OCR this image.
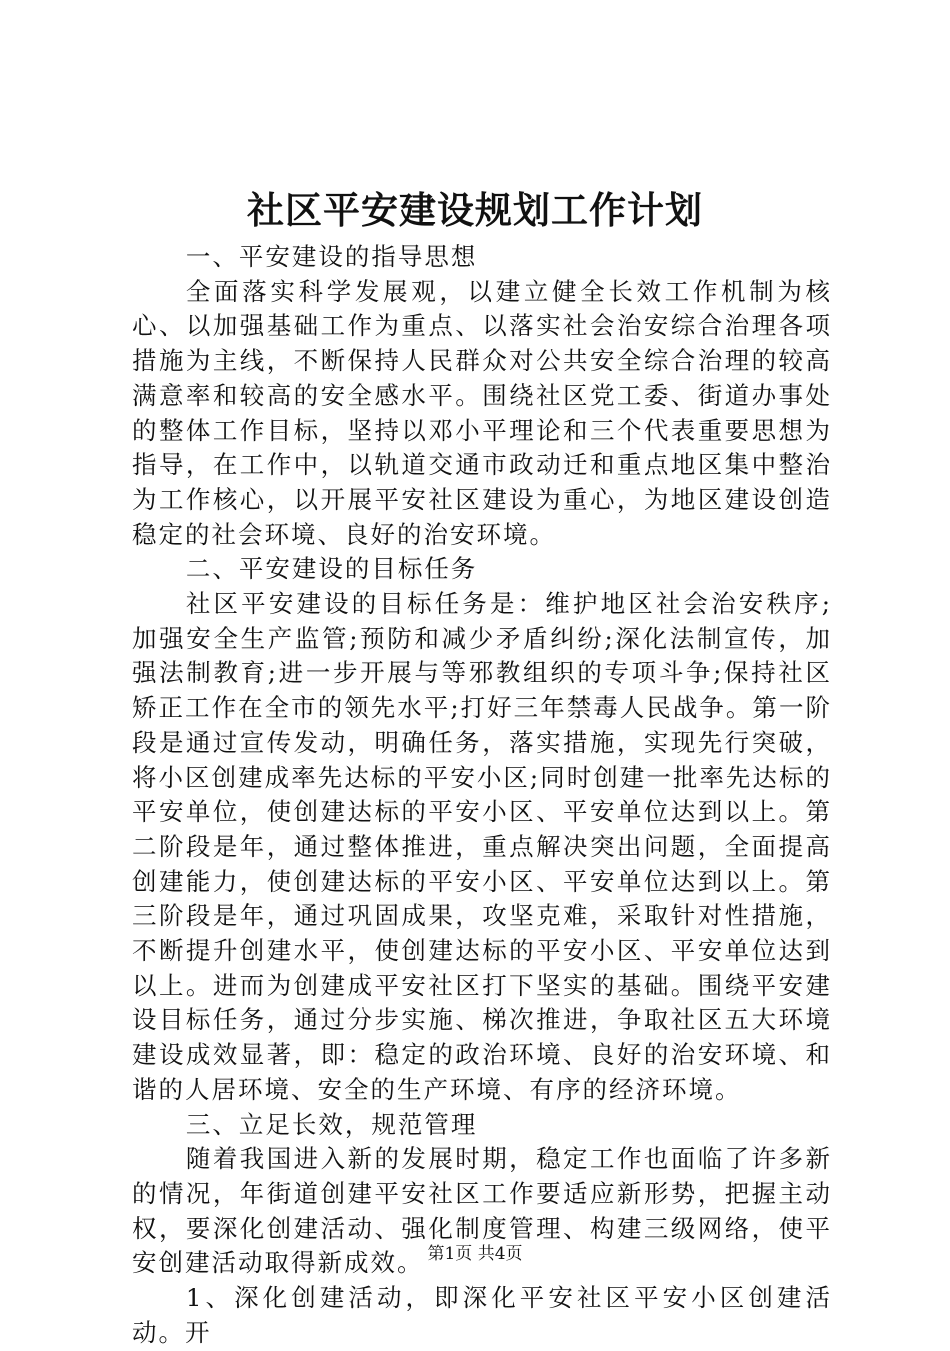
社区平安建设规划工作计划

一、平安建设的指导思想

全面落实科学发展观，以建立健全长效工作机制为核心、以加强基础工作为重点、以落实社会治安综合治理各项措施为主线，不断保持人民群众对公共安全综合治理的较高满意率和较高的安全感水平。围绕社区党工委、街道办事处的整体工作目标，坚持以邓小平理论和三个代表重要思想为指导，在工作中，以轨道交通市政动迁和重点地区集中整治为工作核心，以开展平安社区建设为重心，为地区建设创造稳定的社会环境、良好的治安环境。

二、平安建设的目标任务

社区平安建设的目标任务是：维护地区社会治安秩序;加强安全生产监管;预防和减少矛盾纠纷;深化法制宣传，加强法制教育;进一步开展与等邪教组织的专项斗争;保持社区矫正工作在全市的领先水平;打好三年禁毒人民战争。第一阶段是通过宣传发动，明确任务，落实措施，实现先行突破，将小区创建成率先达标的平安小区;同时创建一批率先达标的平安单位，使创建达标的平安小区、平安单位达到以上。第二阶段是年，通过整体推进，重点解决突出问题，全面提高创建能力，使创建达标的平安小区、平安单位达到以上。第三阶段是年，通过巩固成果，攻坚克难，采取针对性措施，不断提升创建水平，使创建达标的平安小区、平安单位达到以上。进而为创建成平安社区打下坚实的基础。围绕平安建设目标任务，通过分步实施、梯次推进，争取社区五大环境建设成效显著，即：稳定的政治环境、良好的治安环境、和谐的人居环境、安全的生产环境、有序的经济环境。

三、立足长效，规范管理

随着我国进入新的发展时期，稳定工作也面临了许多新的情况，年街道创建平安社区工作要适应新形势，把握主动权，要深化创建活动、强化制度管理、构建三级网络，使平安创建活动取得新成效。

1、深化创建活动，即深化平安社区平安小区创建活动。开

第1页 共4页
